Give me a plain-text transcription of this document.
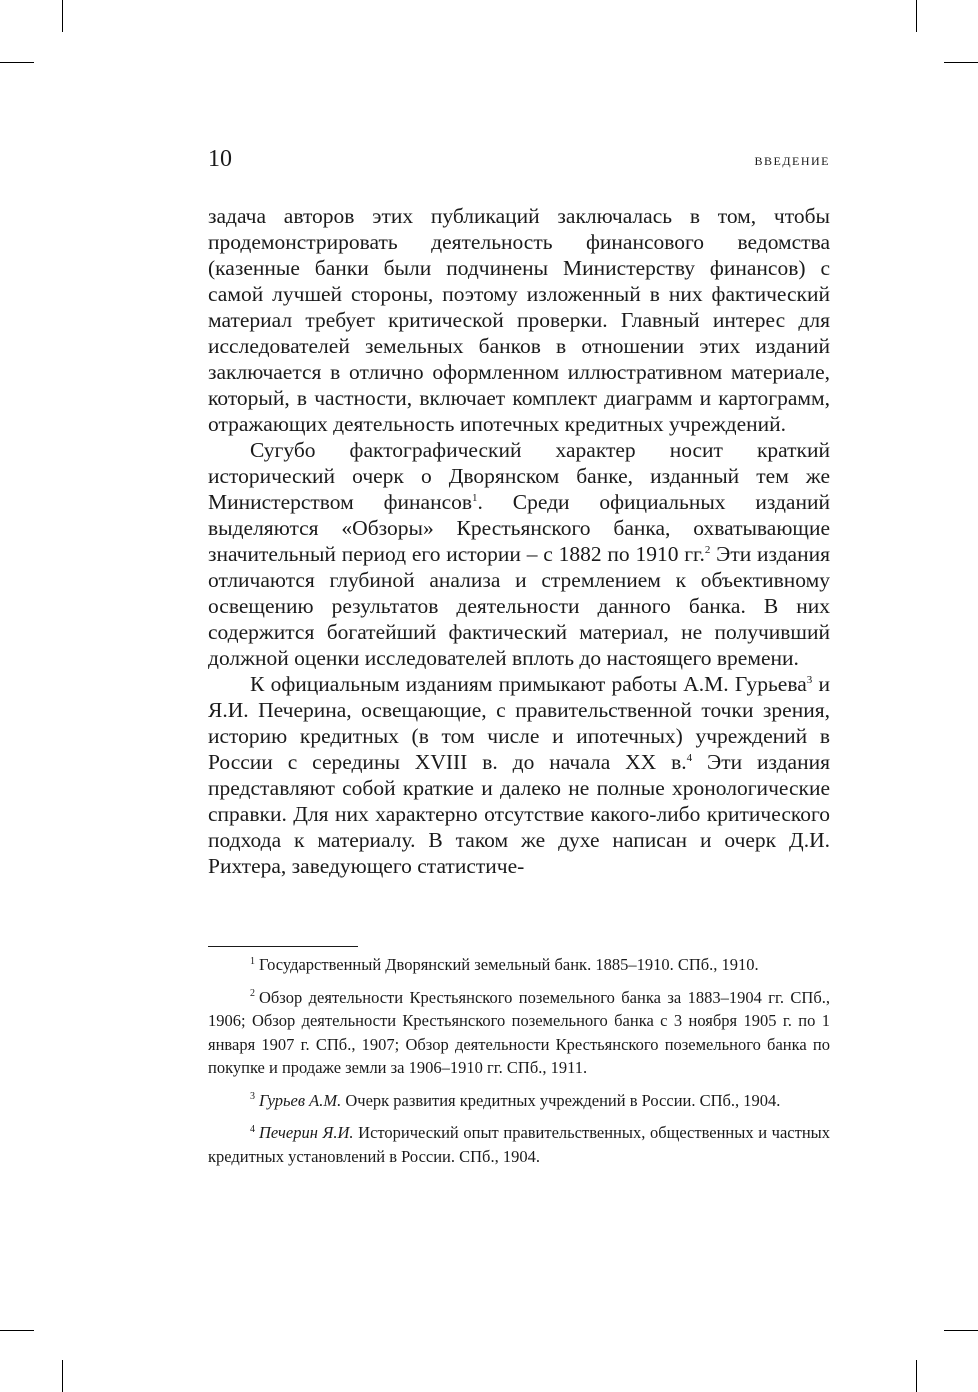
10	ВВЕДЕНИЕ

задача авторов этих публикаций заключалась в том, чтобы продемонстрировать деятельность финансового ведомства (казенные банки были подчинены Министерству финансов) с самой лучшей стороны, поэтому изложенный в них фактический материал требует критической проверки. Главный интерес для исследователей земельных банков в отношении этих изданий заключается в отлично оформленном иллюстративном материале, который, в частности, включает комплект диаграмм и картограмм, отражающих деятельность ипотечных кредитных учреждений.

Сугубо фактографический характер носит краткий исторический очерк о Дворянском банке, изданный тем же Министерством финансов$^1$. Среди официальных изданий выделяются «Обзоры» Крестьянского банка, охватывающие значительный период его истории – с 1882 по 1910 гг.$^2$ Эти издания отличаются глубиной анализа и стремлением к объективному освещению результатов деятельности данного банка. В них содержится богатейший фактический материал, не получивший должной оценки исследователей вплоть до настоящего времени.

К официальным изданиям примыкают работы А.М. Гурьева$^3$ и Я.И. Печерина, освещающие, с правительственной точки зрения, историю кредитных (в том числе и ипотечных) учреждений в России с середины XVIII в. до начала XX в.$^4$ Эти издания представляют собой краткие и далеко не полные хронологические справки. Для них характерно отсутствие какого-либо критического подхода к материалу. В таком же духе написан и очерк Д.И. Рихтера, заведующего статистиче-

$^1$ Государственный Дворянский земельный банк. 1885–1910. СПб., 1910.

$^2$ Обзор деятельности Крестьянского поземельного банка за 1883–1904 гг. СПб., 1906; Обзор деятельности Крестьянского поземельного банка с 3 ноября 1905 г. по 1 января 1907 г. СПб., 1907; Обзор деятельности Крестьянского поземельного банка по покупке и продаже земли за 1906–1910 гг. СПб., 1911.

$^3$ Гурьев А.М. Очерк развития кредитных учреждений в России. СПб., 1904.

$^4$ Печерин Я.И. Исторический опыт правительственных, общественных и частных кредитных установлений в России. СПб., 1904.
